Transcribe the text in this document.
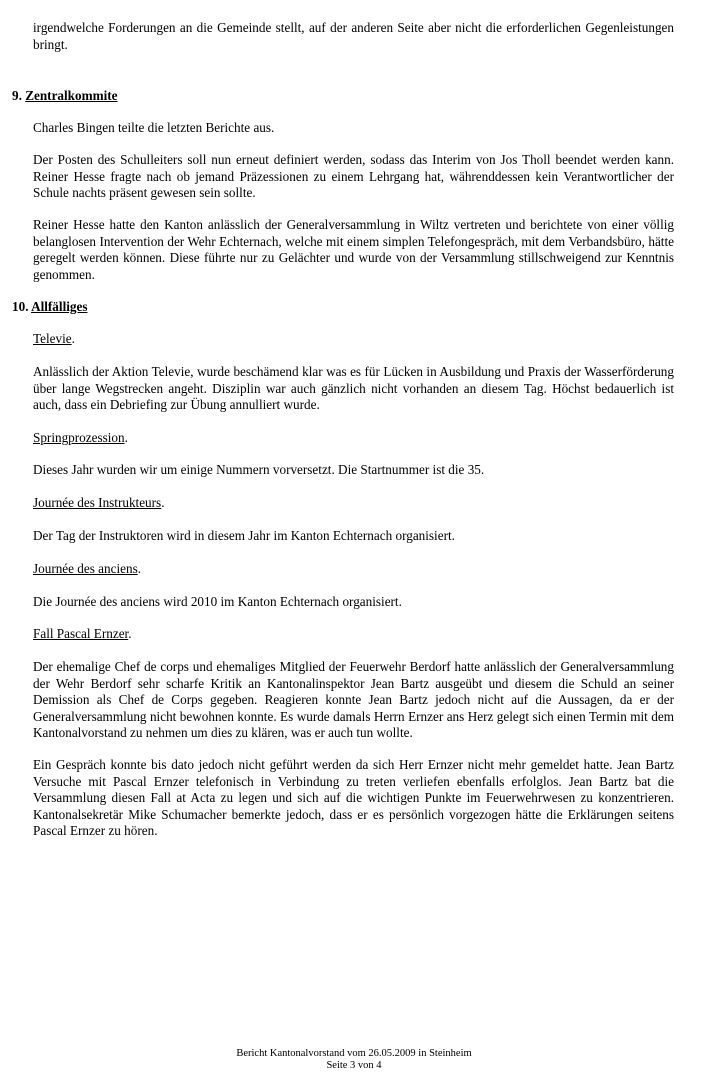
irgendwelche Forderungen an die Gemeinde stellt, auf der anderen Seite aber nicht die erforderlichen Gegenleistungen bringt.
9. Zentralkommite
Charles Bingen teilte die letzten Berichte aus.
Der Posten des Schulleiters soll nun erneut definiert werden, sodass das Interim von Jos Tholl beendet werden kann. Reiner Hesse fragte nach ob jemand Präzessionen zu einem Lehrgang hat, währenddessen kein Verantwortlicher der Schule nachts präsent gewesen sein sollte.
Reiner Hesse hatte den Kanton anlässlich der Generalversammlung in Wiltz vertreten und berichtete von einer völlig belanglosen Intervention der Wehr Echternach, welche mit einem simplen Telefongespräch, mit dem Verbandsbüro, hätte geregelt werden können. Diese führte nur zu Gelächter und wurde von der Versammlung stillschweigend zur Kenntnis genommen.
10. Allfälliges
Televie.
Anlässlich der Aktion Televie, wurde beschämend klar was es für Lücken in Ausbildung und Praxis der Wasserförderung über lange Wegstrecken angeht. Disziplin war auch gänzlich nicht vorhanden an diesem Tag. Höchst bedauerlich ist auch, dass ein Debriefing zur Übung annulliert wurde.
Springprozession.
Dieses Jahr wurden wir um einige Nummern vorversetzt. Die Startnummer ist die 35.
Journée des Instrukteurs.
Der Tag der Instruktoren wird in diesem Jahr im Kanton Echternach organisiert.
Journée des anciens.
Die Journée des anciens wird 2010 im Kanton Echternach organisiert.
Fall Pascal Ernzer.
Der ehemalige Chef de corps und ehemaliges Mitglied der Feuerwehr Berdorf hatte anlässlich der Generalversammlung der Wehr Berdorf sehr scharfe Kritik an Kantonalinspektor Jean Bartz ausgeübt und diesem die Schuld an seiner Demission als Chef de Corps gegeben. Reagieren konnte Jean Bartz jedoch nicht auf die Aussagen, da er der Generalversammlung nicht bewohnen konnte. Es wurde damals Herrn Ernzer ans Herz gelegt sich einen Termin mit dem Kantonalvorstand zu nehmen um dies zu klären, was er auch tun wollte.
Ein Gespräch konnte bis dato jedoch nicht geführt werden da sich Herr Ernzer nicht mehr gemeldet hatte. Jean Bartz Versuche mit Pascal Ernzer telefonisch in Verbindung zu treten verliefen ebenfalls erfolglos. Jean Bartz bat die Versammlung diesen Fall at Acta zu legen und sich auf die wichtigen Punkte im Feuerwehrwesen zu konzentrieren. Kantonalsekretär Mike Schumacher bemerkte jedoch, dass er es persönlich vorgezogen hätte die Erklärungen seitens Pascal Ernzer zu hören.
Bericht Kantonalvorstand vom 26.05.2009 in Steinheim
Seite 3 von 4
